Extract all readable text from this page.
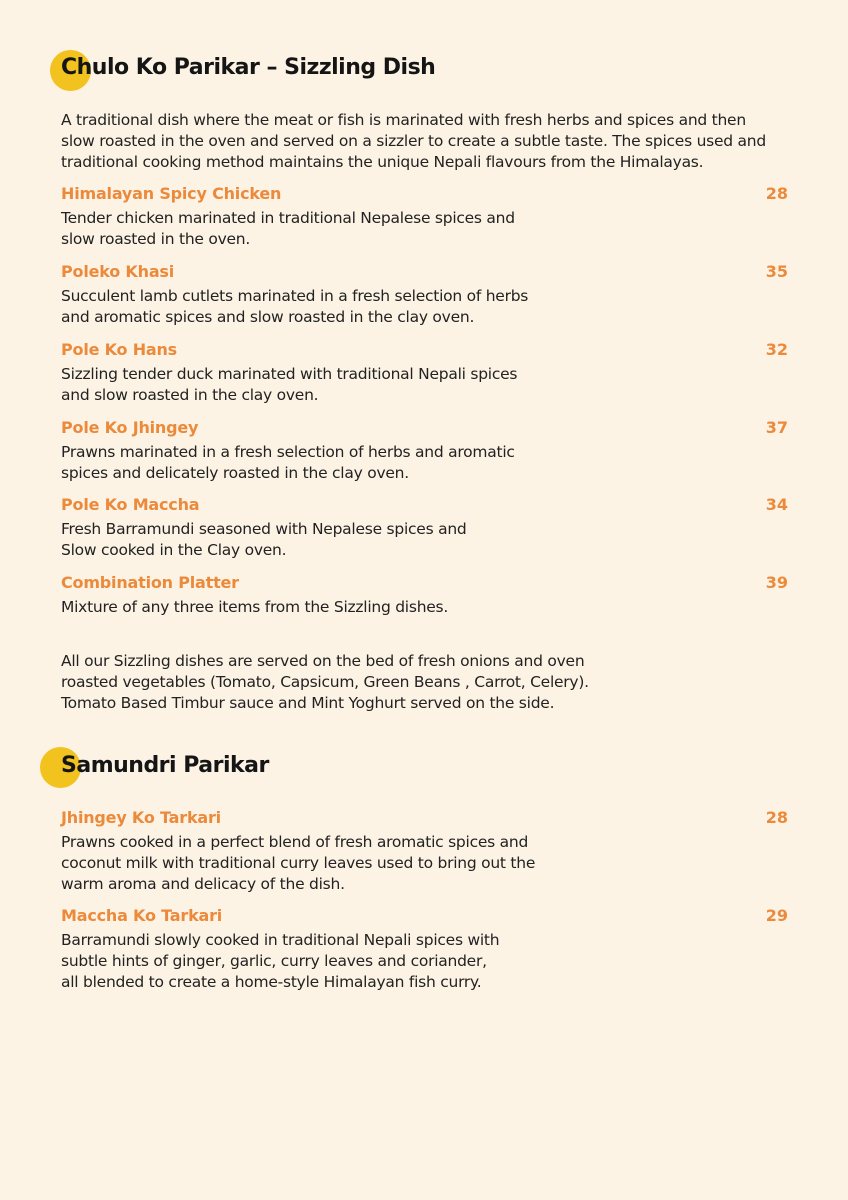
Chulo Ko Parikar – Sizzling Dish

A traditional dish where the meat or fish is marinated with fresh herbs and spices and then
slow roasted in the oven and served on a sizzler to create a subtle taste. The spices used and
traditional cooking method maintains the unique Nepali flavours from the Himalayas.

Himalayan Spicy Chicken	28

Tender chicken marinated in traditional Nepalese spices and
slow roasted in the oven.

Poleko Khasi	35

Succulent lamb cutlets marinated in a fresh selection of herbs
and aromatic spices and slow roasted in the clay oven.

Pole Ko Hans	32

Sizzling tender duck marinated with traditional Nepali spices
and slow roasted in the clay oven.

Pole Ko Jhingey	37

Prawns marinated in a fresh selection of herbs and aromatic
spices and delicately roasted in the clay oven.

Pole Ko Maccha	34

Fresh Barramundi seasoned with Nepalese spices and
Slow cooked in the Clay oven.

Combination Platter	39

Mixture of any three items from the Sizzling dishes.

All our Sizzling dishes are served on the bed of fresh onions and oven
roasted vegetables (Tomato, Capsicum, Green Beans , Carrot, Celery).
Tomato Based Timbur sauce and Mint Yoghurt served on the side.

Samundri Parikar
Jhingey Ko Tarkari	28

Prawns cooked in a perfect blend of fresh aromatic spices and
coconut milk with traditional curry leaves used to bring out the
warm aroma and delicacy of the dish.

Maccha Ko Tarkari	29

Barramundi slowly cooked in traditional Nepali spices with
subtle hints of ginger, garlic, curry leaves and coriander,
all blended to create a home-style Himalayan fish curry.
